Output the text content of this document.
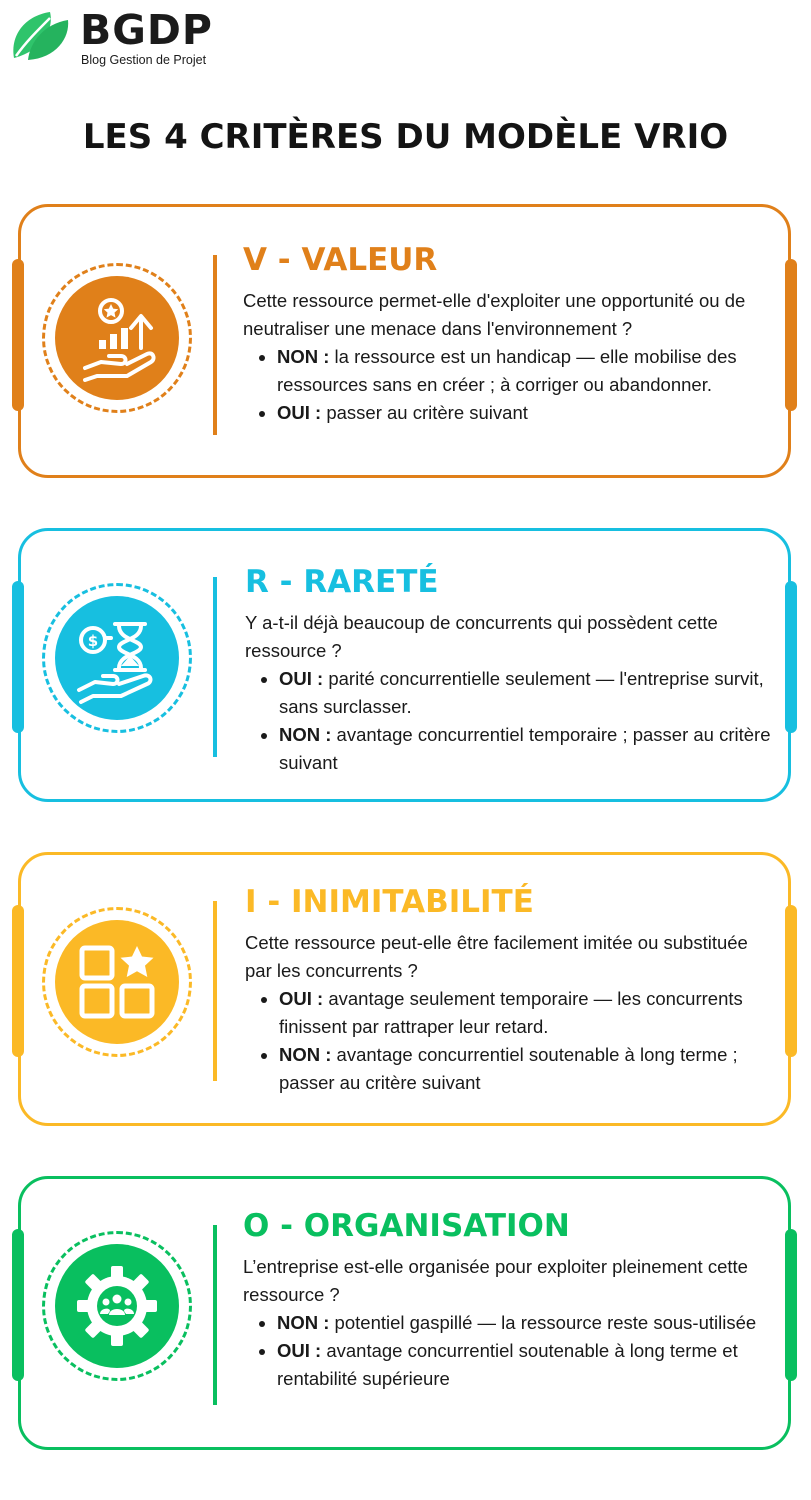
BGDP
Blog Gestion de Projet
LES 4 CRITÈRES DU MODÈLE VRIO
V - VALEUR

Cette ressource permet-elle d'exploiter une opportunité ou de neutraliser une menace dans l'environnement ?

• NON : la ressource est un handicap — elle mobilise des ressources sans en créer ; à corriger ou abandonner.
• OUI : passer au critère suivant
$
R - RARETÉ

Y a-t-il déjà beaucoup de concurrents qui possèdent cette ressource ?

• OUI : parité concurrentielle seulement — l'entreprise survit, sans surclasser.
• NON : avantage concurrentiel temporaire ; passer au critère suivant
I - INIMITABILITÉ

Cette ressource peut-elle être facilement imitée ou substituée par les concurrents ?

• OUI : avantage seulement temporaire — les concurrents finissent par rattraper leur retard.
• NON : avantage concurrentiel soutenable à long terme ; passer au critère suivant
O - ORGANISATION

L’entreprise est-elle organisée pour exploiter pleinement cette ressource ?

• NON : potentiel gaspillé — la ressource reste sous-utilisée
• OUI : avantage concurrentiel soutenable à long terme et rentabilité supérieure
